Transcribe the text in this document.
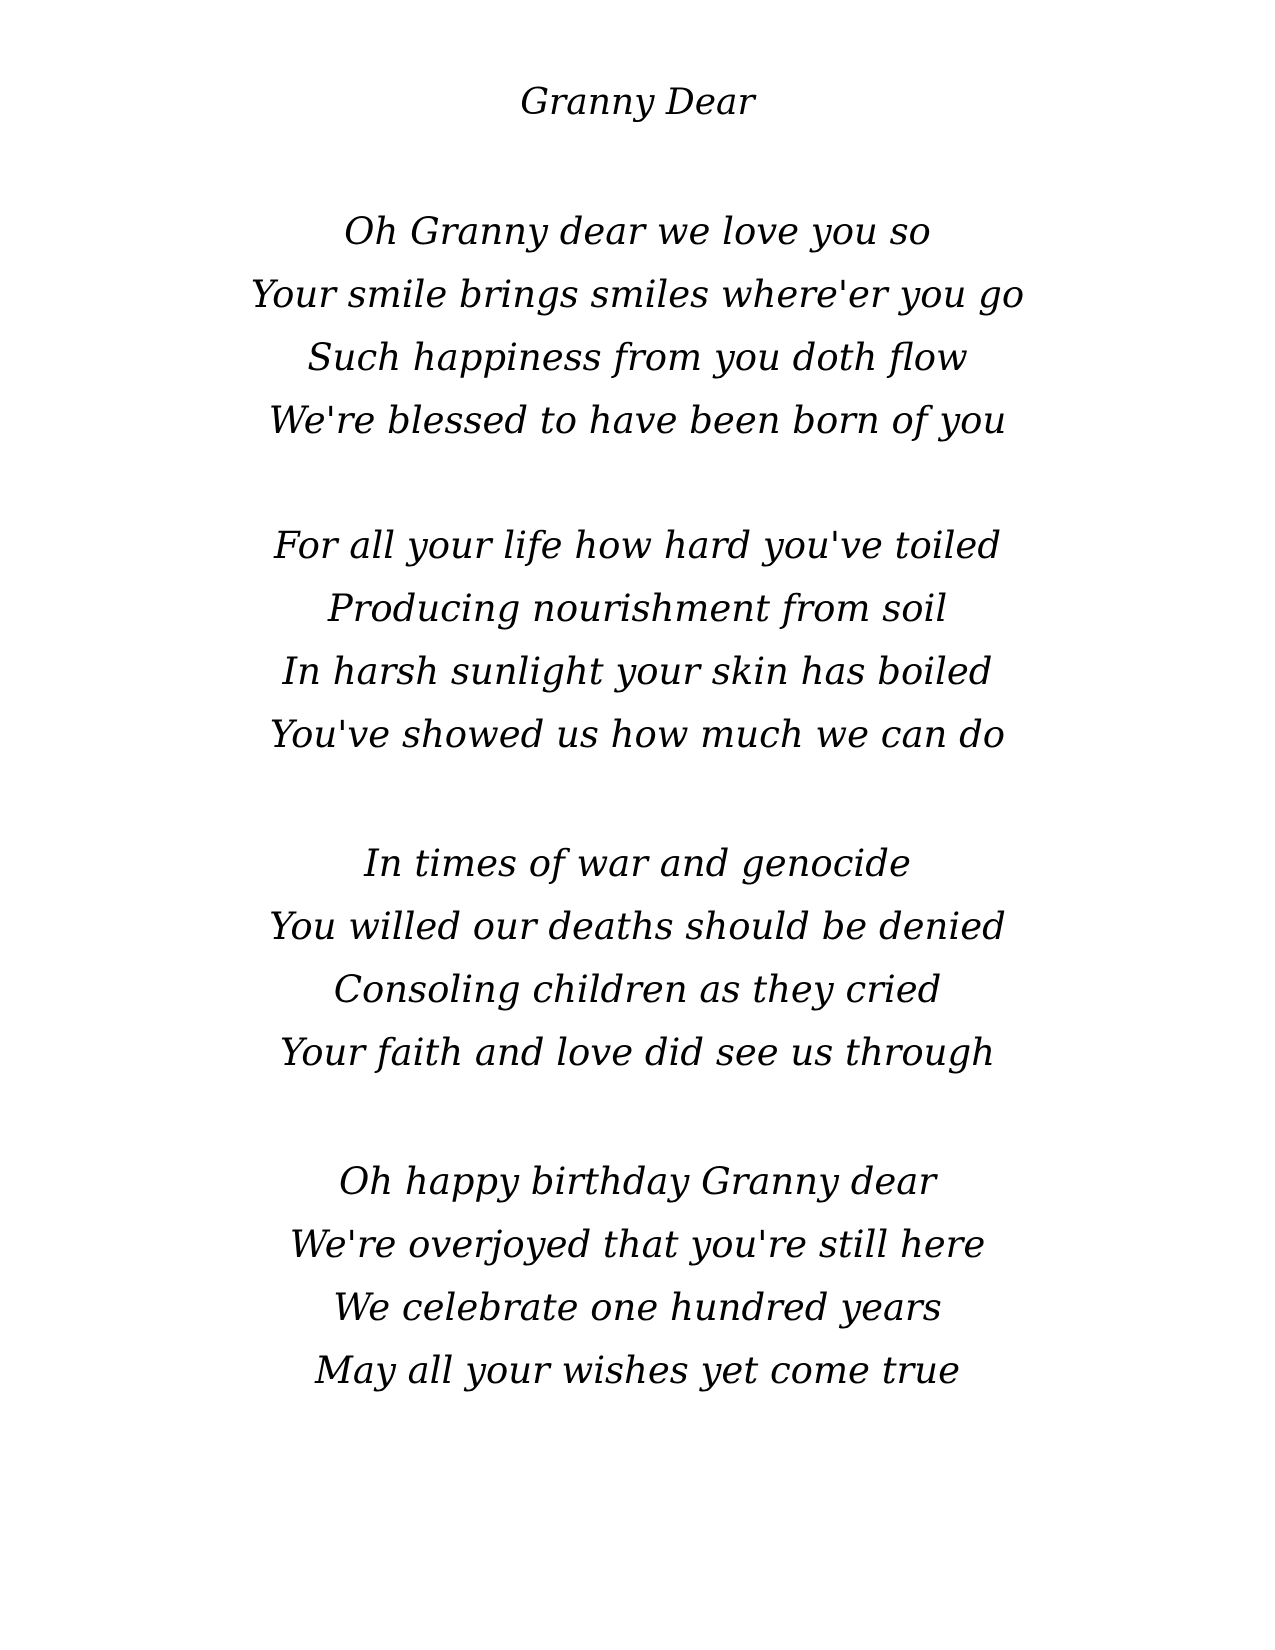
Granny Dear
Oh Granny dear we love you so
Your smile brings smiles where'er you go
Such happiness from you doth flow
We're blessed to have been born of you
For all your life how hard you've toiled
Producing nourishment from soil
In harsh sunlight your skin has boiled
You've showed us how much we can do
In times of war and genocide
You willed our deaths should be denied
Consoling children as they cried
Your faith and love did see us through
Oh happy birthday Granny dear
We're overjoyed that you're still here
We celebrate one hundred years
May all your wishes yet come true
